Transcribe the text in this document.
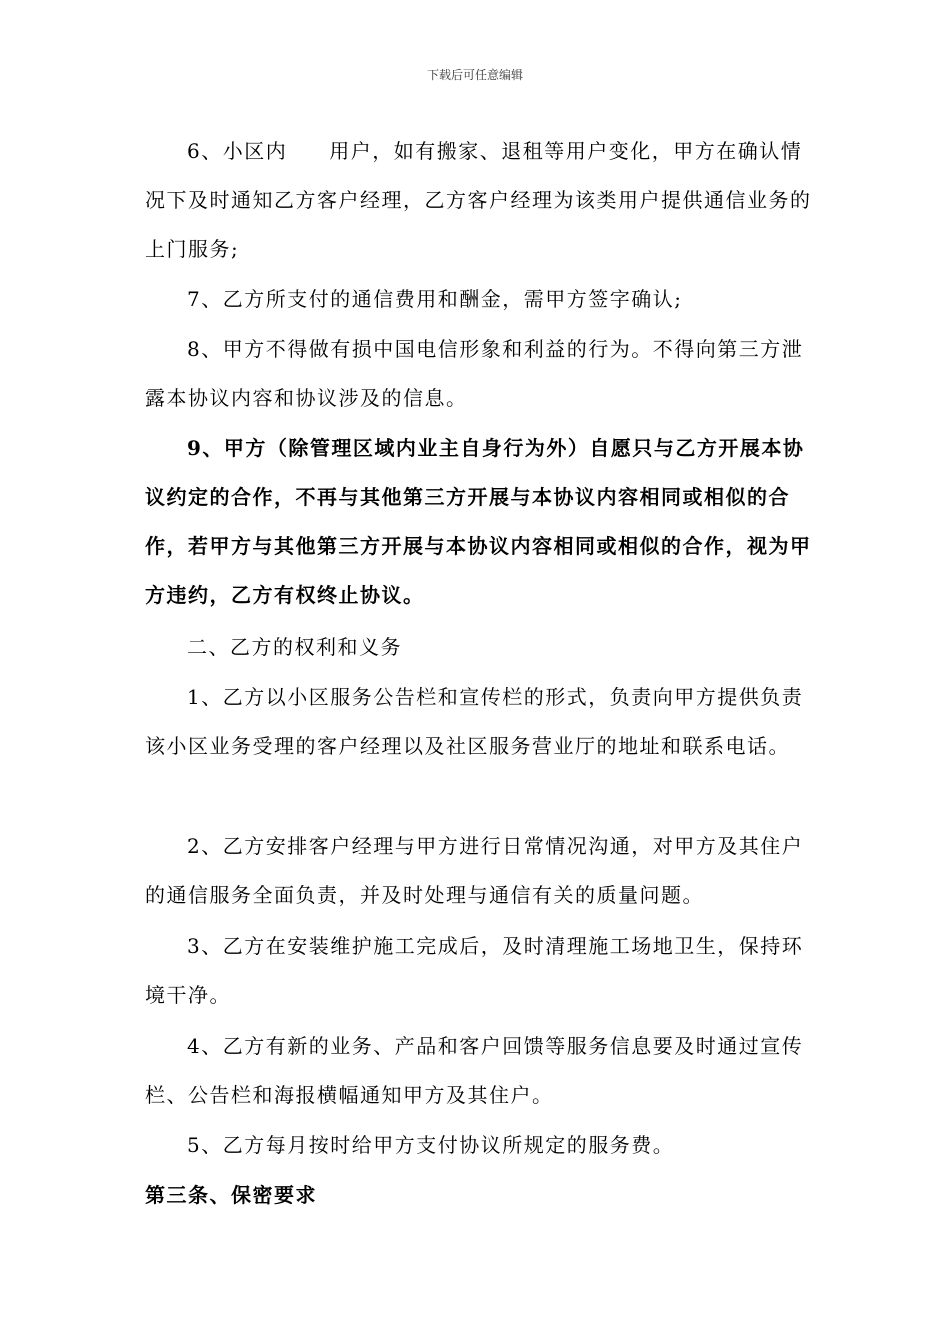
下载后可任意编辑

6、小区内 用户，如有搬家、退租等用户变化，甲方在确认情况下及时通知乙方客户经理，乙方客户经理为该类用户提供通信业务的上门服务;

7、乙方所支付的通信费用和酬金，需甲方签字确认;

8、甲方不得做有损中国电信形象和利益的行为。不得向第三方泄露本协议内容和协议涉及的信息。

9、甲方（除管理区域内业主自身行为外）自愿只与乙方开展本协议约定的合作，不再与其他第三方开展与本协议内容相同或相似的合作，若甲方与其他第三方开展与本协议内容相同或相似的合作，视为甲方违约，乙方有权终止协议。

二、乙方的权利和义务

1、乙方以小区服务公告栏和宣传栏的形式，负责向甲方提供负责该小区业务受理的客户经理以及社区服务营业厅的地址和联系电话。

2、乙方安排客户经理与甲方进行日常情况沟通，对甲方及其住户的通信服务全面负责，并及时处理与通信有关的质量问题。

3、乙方在安装维护施工完成后，及时清理施工场地卫生，保持环境干净。

4、乙方有新的业务、产品和客户回馈等服务信息要及时通过宣传栏、公告栏和海报横幅通知甲方及其住户。

5、乙方每月按时给甲方支付协议所规定的服务费。

第三条、保密要求
